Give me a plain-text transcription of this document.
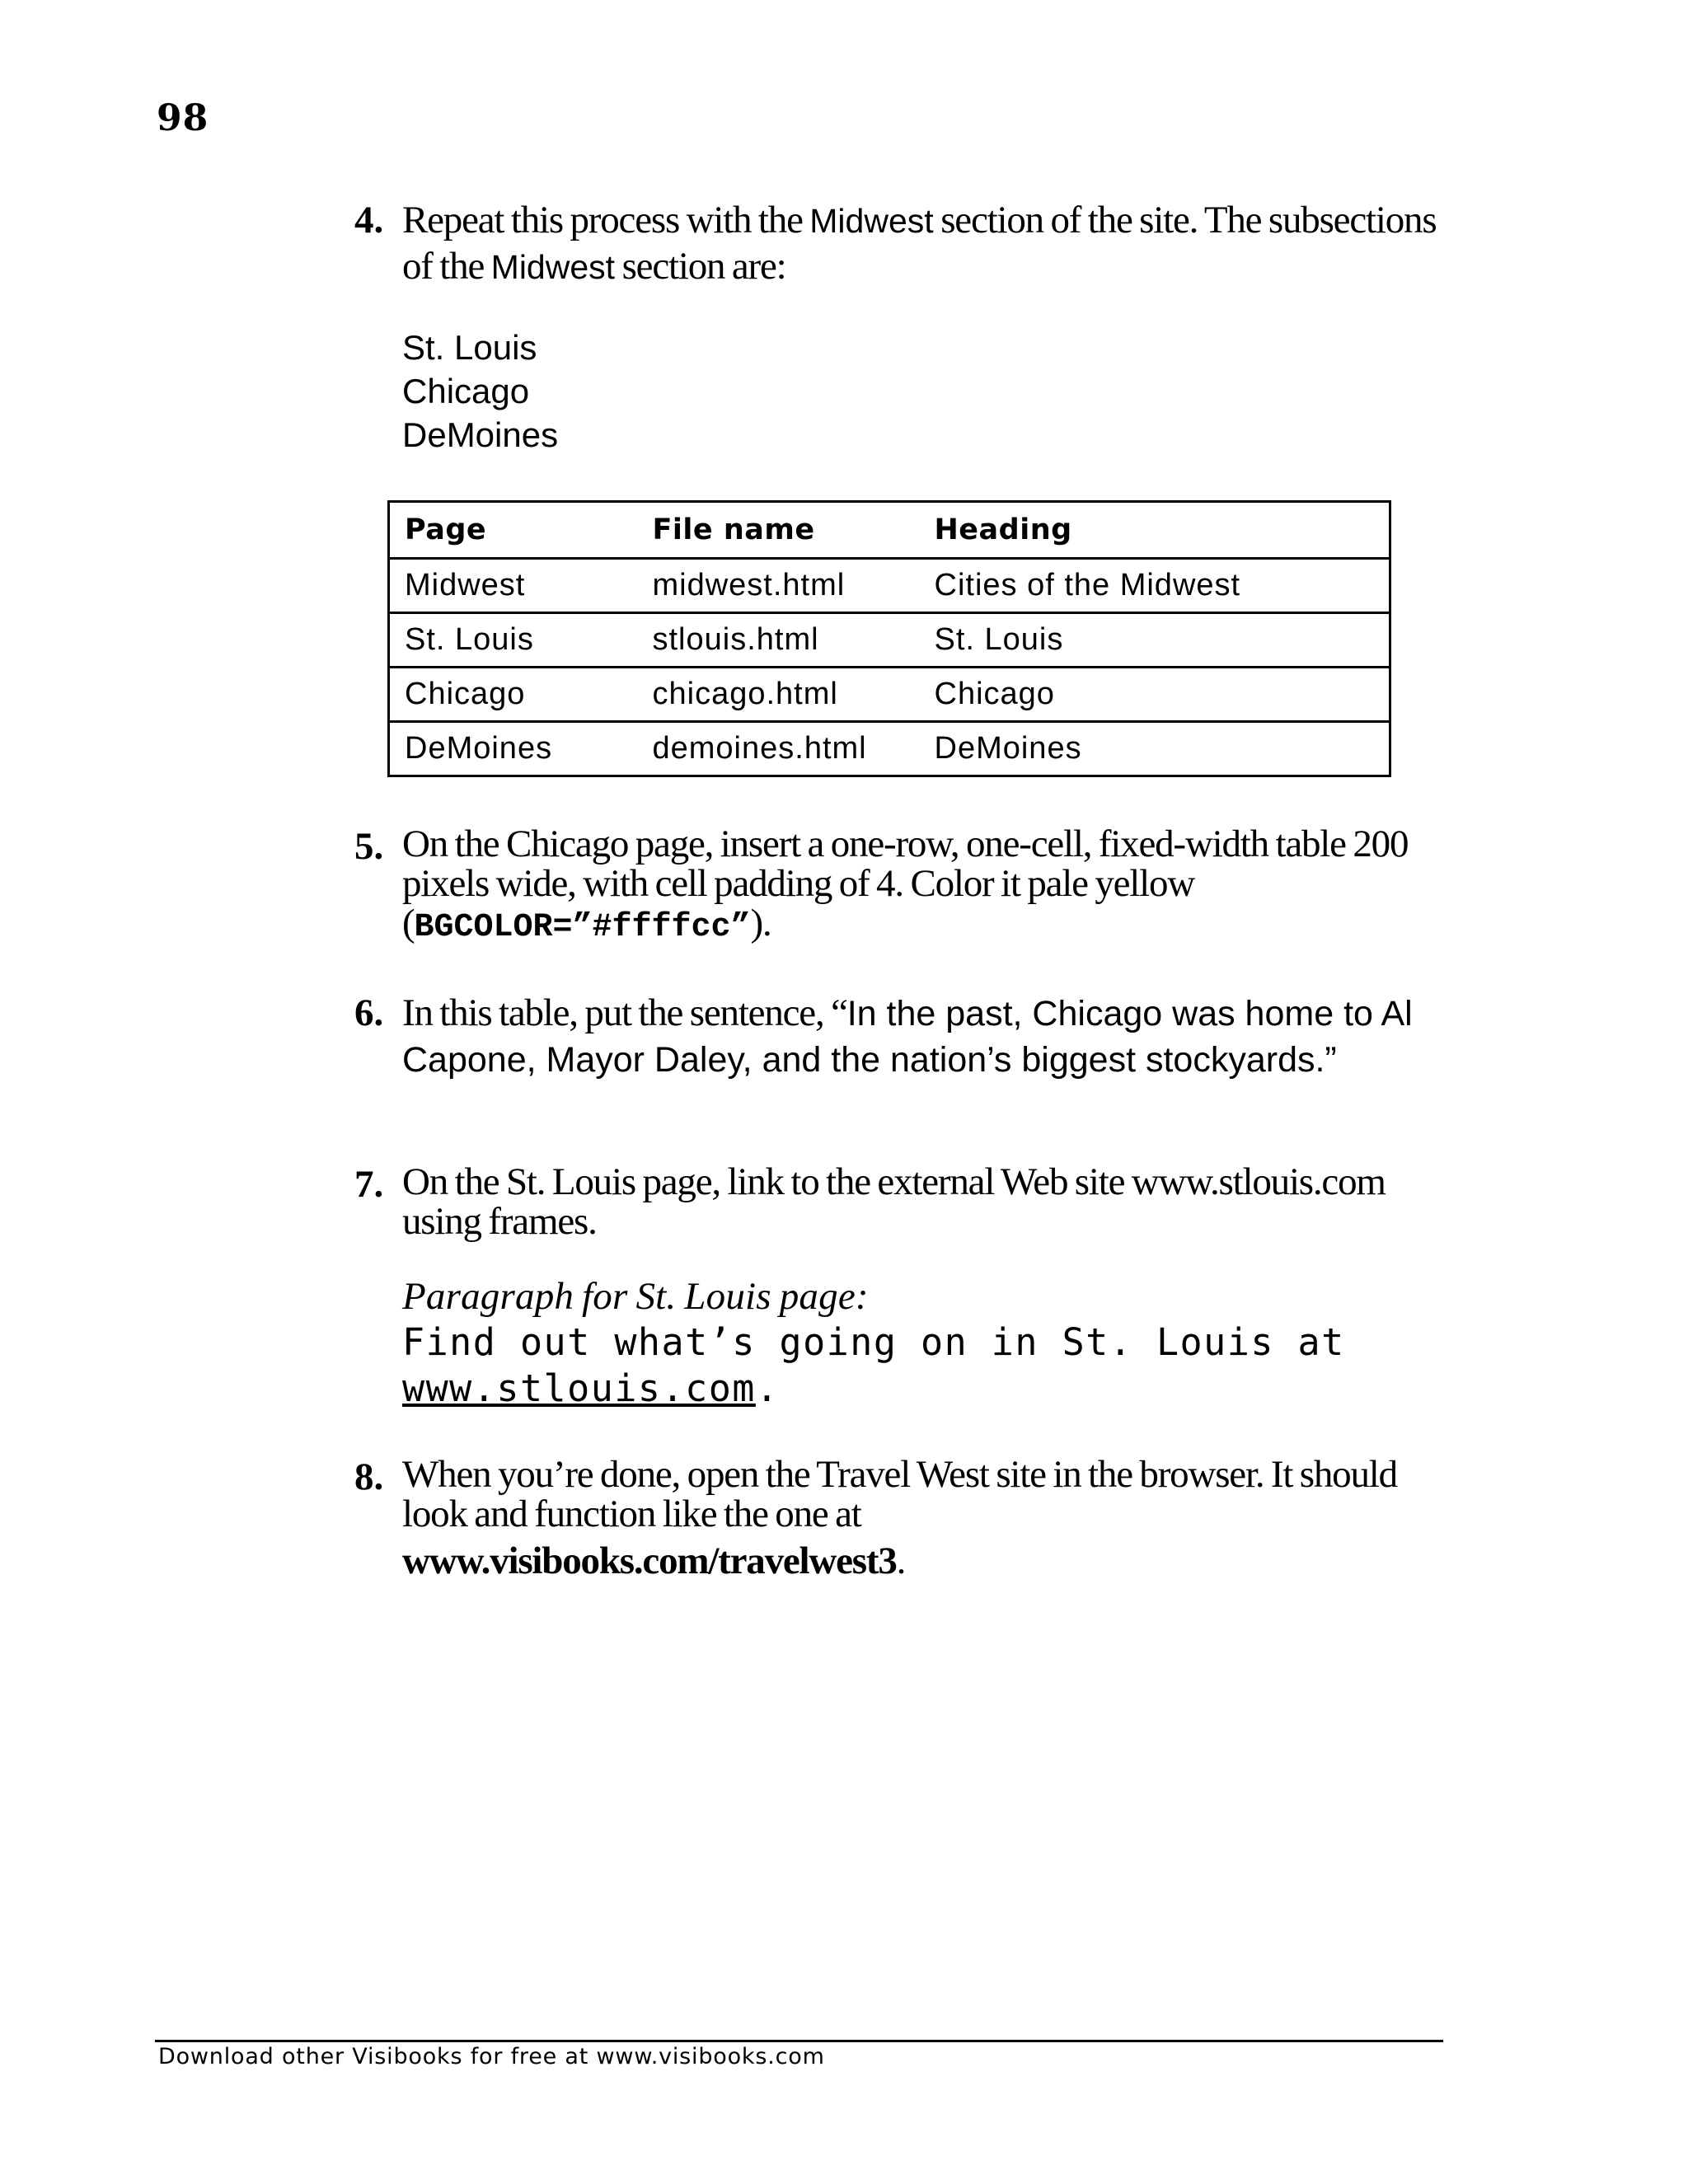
98
4. Repeat this process with the Midwest section of the site. The subsections of the Midwest section are:
St. Louis
Chicago
DeMoines
Page	File name	Heading
Midwest	midwest.html	Cities of the Midwest
St. Louis	stlouis.html	St. Louis
Chicago	chicago.html	Chicago
DeMoines	demoines.html	DeMoines
5. On the Chicago page, insert a one-row, one-cell, fixed-width table 200 pixels wide, with cell padding of 4. Color it pale yellow (BGCOLOR=”#ffffcc”).
6. In this table, put the sentence, “In the past, Chicago was home to Al Capone, Mayor Daley, and the nation’s biggest stockyards.”
7. On the St. Louis page, link to the external Web site www.stlouis.com using frames.
Paragraph for St. Louis page:
Find out what’s going on in St. Louis at www.stlouis.com.
8. When you’re done, open the Travel West site in the browser. It should look and function like the one at
www.visibooks.com/travelwest3.
Download other Visibooks for free at www.visibooks.com
